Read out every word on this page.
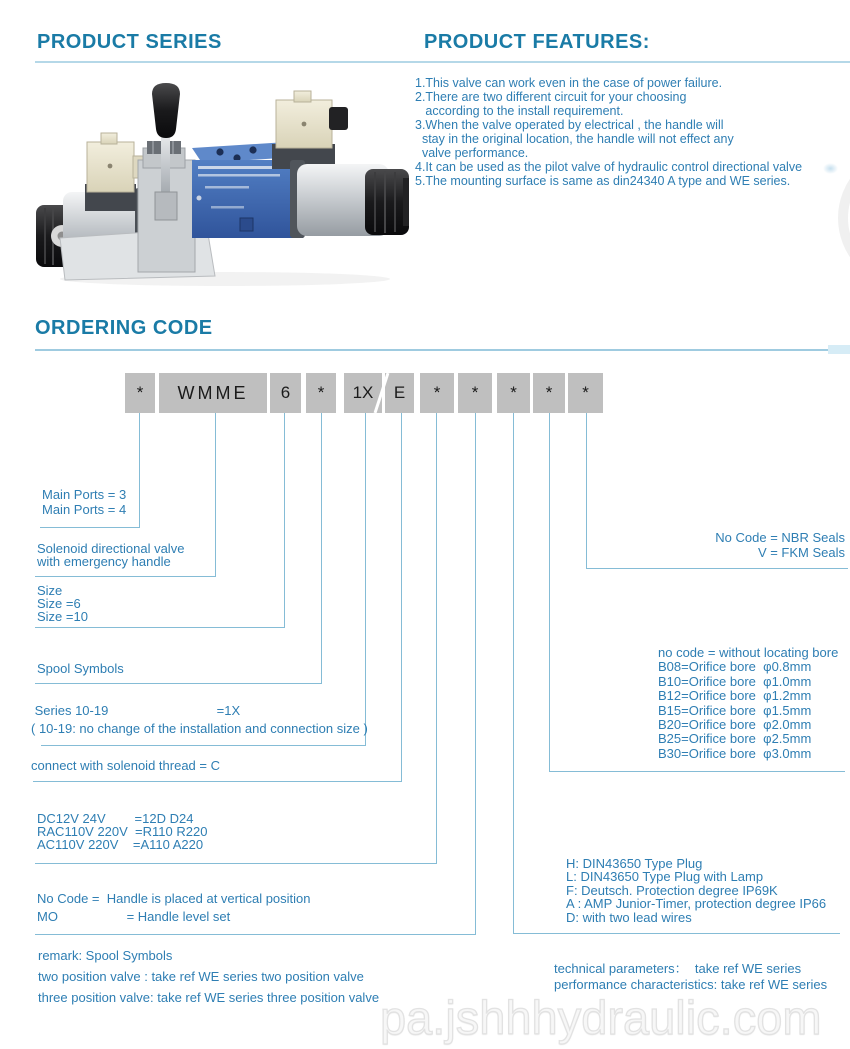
PRODUCT SERIES	PRODUCT FEATURES:
1.This valve can work even in the case of power failure.
2.There are two different circuit for your choosing
according to the install requirement.
3.When the valve operated by electrical , the handle will
stay in the original location, the handle will not effect any
valve performance.
4.It can be used as the pilot valve of hydraulic control directional valve
5.The mounting surface is same as din24340 A type and WE series.
ORDERING CODE
*	WMME	6	*	1X	E	*	*	*	*	*
Main Ports = 3
Main Ports = 4
Solenoid directional valve
with emergency handle
Size
Size =6
Size =10
Spool Symbols
Series 10-19                              =1X
( 10-19: no change of the installation and connection size )
connect with solenoid thread = C
DC12V 24V        =12D D24
RAC110V 220V  =R110 R220
AC110V 220V    =A110 A220
No Code =  Handle is placed at vertical position
MO                   = Handle level set
No Code = NBR Seals
V = FKM Seals
no code = without locating bore
B08=Orifice bore  φ0.8mm
B10=Orifice bore  φ1.0mm
B12=Orifice bore  φ1.2mm
B15=Orifice bore  φ1.5mm
B20=Orifice bore  φ2.0mm
B25=Orifice bore  φ2.5mm
B30=Orifice bore  φ3.0mm
H: DIN43650 Type Plug
L: DIN43650 Type Plug with Lamp
F: Deutsch. Protection degree IP69K
A : AMP Junior-Timer, protection degree IP66
D: with two lead wires
remark: Spool Symbols
two position valve : take ref WE series two position valve
three position valve: take ref WE series three position valve
technical parameters：  take ref WE series
performance characteristics: take ref WE series
pa.jshhhydraulic.com
